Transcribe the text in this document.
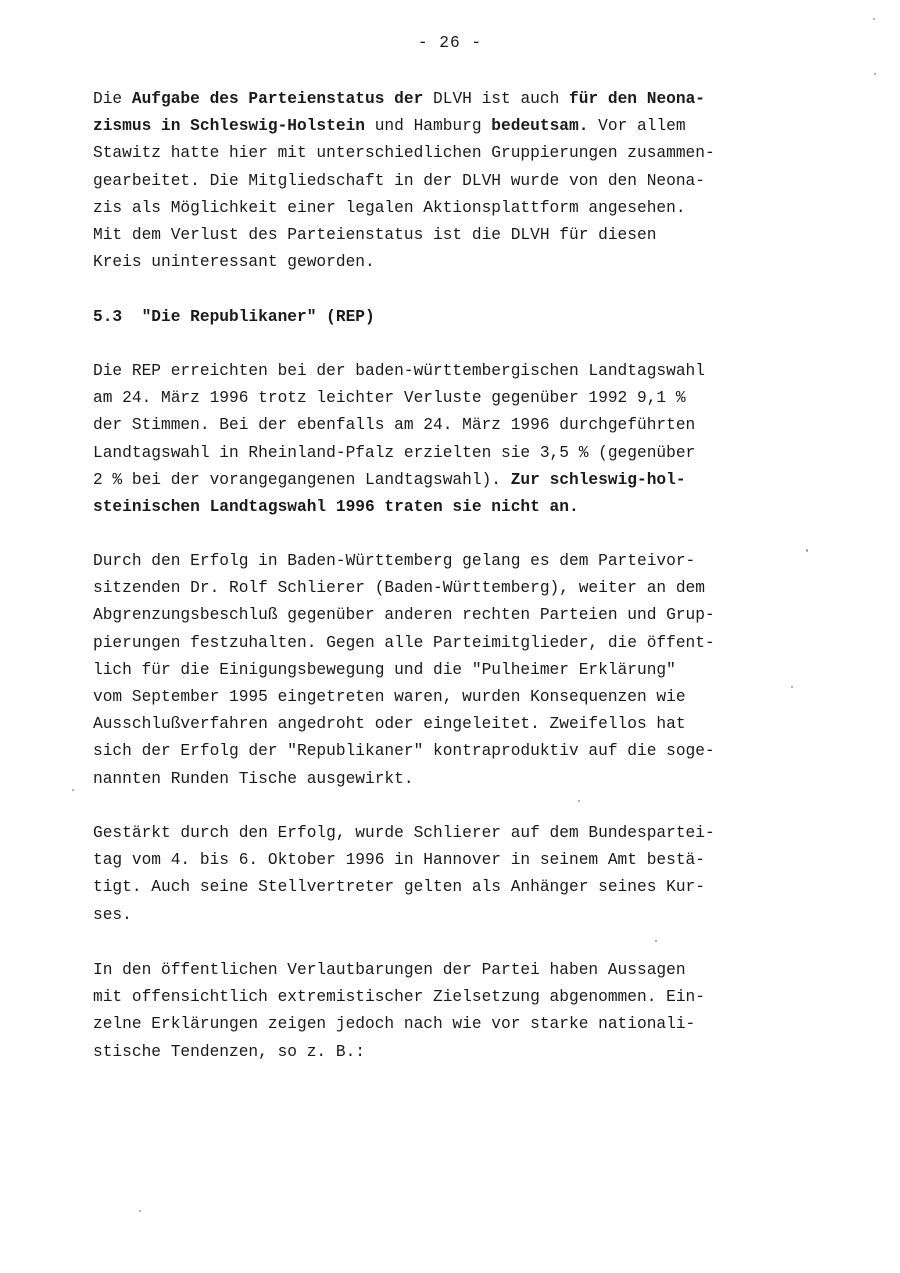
- 26 -
Die Aufgabe des Parteienstatus der DLVH ist auch für den Neona-
zismus in Schleswig-Holstein und Hamburg bedeutsam. Vor allem
Stawitz hatte hier mit unterschiedlichen Gruppierungen zusammen-
gearbeitet. Die Mitgliedschaft in der DLVH wurde von den Neona-
zis als Möglichkeit einer legalen Aktionsplattform angesehen.
Mit dem Verlust des Parteienstatus ist die DLVH für diesen
Kreis uninteressant geworden.
5.3  "Die Republikaner" (REP)
Die REP erreichten bei der baden-württembergischen Landtagswahl
am 24. März 1996 trotz leichter Verluste gegenüber 1992 9,1 %
der Stimmen. Bei der ebenfalls am 24. März 1996 durchgeführten
Landtagswahl in Rheinland-Pfalz erzielten sie 3,5 % (gegenüber
2 % bei der vorangegangenen Landtagswahl). Zur schleswig-hol-
steinischen Landtagswahl 1996 traten sie nicht an.
Durch den Erfolg in Baden-Württemberg gelang es dem Parteivor-
sitzenden Dr. Rolf Schlierer (Baden-Württemberg), weiter an dem
Abgrenzungsbeschluß gegenüber anderen rechten Parteien und Grup-
pierungen festzuhalten. Gegen alle Parteimitglieder, die öffent-
lich für die Einigungsbewegung und die "Pulheimer Erklärung"
vom September 1995 eingetreten waren, wurden Konsequenzen wie
Ausschlußverfahren angedroht oder eingeleitet. Zweifellos hat
sich der Erfolg der "Republikaner" kontraproduktiv auf die soge-
nannten Runden Tische ausgewirkt.
Gestärkt durch den Erfolg, wurde Schlierer auf dem Bundespartei-
tag vom 4. bis 6. Oktober 1996 in Hannover in seinem Amt bestä-
tigt. Auch seine Stellvertreter gelten als Anhänger seines Kur-
ses.
In den öffentlichen Verlautbarungen der Partei haben Aussagen
mit offensichtlich extremistischer Zielsetzung abgenommen. Ein-
zelne Erklärungen zeigen jedoch nach wie vor starke nationali-
stische Tendenzen, so z. B.:
